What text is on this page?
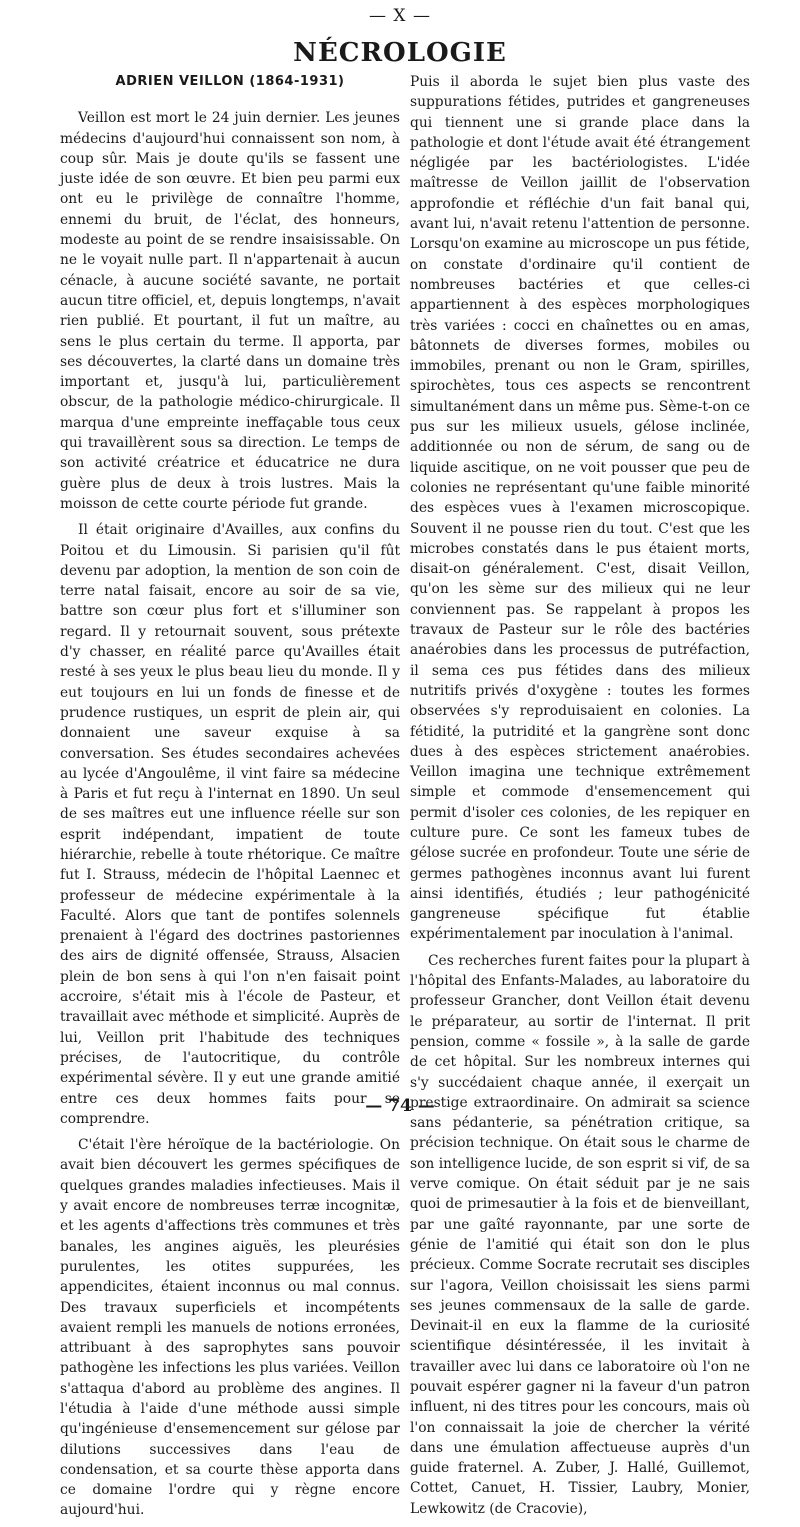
— X —
NÉCROLOGIE
ADRIEN VEILLON (1864-1931)

Veillon est mort le 24 juin dernier. Les jeunes médecins d'aujourd'hui connaissent son nom, à coup sûr. Mais je doute qu'ils se fassent une juste idée de son œuvre. Et bien peu parmi eux ont eu le privilège de connaître l'homme, ennemi du bruit, de l'éclat, des honneurs, modeste au point de se rendre insaisissable. On ne le voyait nulle part. Il n'appartenait à aucun cénacle, à aucune société savante, ne portait aucun titre officiel, et, depuis longtemps, n'avait rien publié. Et pourtant, il fut un maître, au sens le plus certain du terme. Il apporta, par ses découvertes, la clarté dans un domaine très important et, jusqu'à lui, particulièrement obscur, de la pathologie médico-chirurgicale. Il marqua d'une empreinte ineffaçable tous ceux qui travaillèrent sous sa direction. Le temps de son activité créatrice et éducatrice ne dura guère plus de deux à trois lustres. Mais la moisson de cette courte période fut grande.

Il était originaire d'Availles, aux confins du Poitou et du Limousin. Si parisien qu'il fût devenu par adoption, la mention de son coin de terre natal faisait, encore au soir de sa vie, battre son cœur plus fort et s'illuminer son regard. Il y retournait souvent, sous prétexte d'y chasser, en réalité parce qu'Availles était resté à ses yeux le plus beau lieu du monde. Il y eut toujours en lui un fonds de finesse et de prudence rustiques, un esprit de plein air, qui donnaient une saveur exquise à sa conversation. Ses études secondaires achevées au lycée d'Angoulême, il vint faire sa médecine à Paris et fut reçu à l'internat en 1890. Un seul de ses maîtres eut une influence réelle sur son esprit indépendant, impatient de toute hiérarchie, rebelle à toute rhétorique. Ce maître fut I. Strauss, médecin de l'hôpital Laennec et professeur de médecine expérimentale à la Faculté. Alors que tant de pontifes solennels prenaient à l'égard des doctrines pastoriennes des airs de dignité offensée, Strauss, Alsacien plein de bon sens à qui l'on n'en faisait point accroire, s'était mis à l'école de Pasteur, et travaillait avec méthode et simplicité. Auprès de lui, Veillon prit l'habitude des techniques précises, de l'autocritique, du contrôle expérimental sévère. Il y eut une grande amitié entre ces deux hommes faits pour se comprendre.

C'était l'ère héroïque de la bactériologie. On avait bien découvert les germes spécifiques de quelques grandes maladies infectieuses. Mais il y avait encore de nombreuses terræ incognitæ, et les agents d'affections très communes et très banales, les angines aiguës, les pleurésies purulentes, les otites suppurées, les appendicites, étaient inconnus ou mal connus. Des travaux superficiels et incompétents avaient rempli les manuels de notions erronées, attribuant à des saprophytes sans pouvoir pathogène les infections les plus variées. Veillon s'attaqua d'abord au problème des angines. Il l'étudia à l'aide d'une méthode aussi simple qu'ingénieuse d'ensemencement sur gélose par dilutions successives dans l'eau de condensation, et sa courte thèse apporta dans ce domaine l'ordre qui y règne encore aujourd'hui.

Puis il aborda le sujet bien plus vaste des suppurations fétides, putrides et gangreneuses qui tiennent une si grande place dans la pathologie et dont l'étude avait été étrangement négligée par les bactériologistes. L'idée maîtresse de Veillon jaillit de l'observation approfondie et réfléchie d'un fait banal qui, avant lui, n'avait retenu l'attention de personne. Lorsqu'on examine au microscope un pus fétide, on constate d'ordinaire qu'il contient de nombreuses bactéries et que celles-ci appartiennent à des espèces morphologiques très variées : cocci en chaînettes ou en amas, bâtonnets de diverses formes, mobiles ou immobiles, prenant ou non le Gram, spirilles, spirochètes, tous ces aspects se rencontrent simultanément dans un même pus. Sème-t-on ce pus sur les milieux usuels, gélose inclinée, additionnée ou non de sérum, de sang ou de liquide ascitique, on ne voit pousser que peu de colonies ne représentant qu'une faible minorité des espèces vues à l'examen microscopique. Souvent il ne pousse rien du tout. C'est que les microbes constatés dans le pus étaient morts, disait-on généralement. C'est, disait Veillon, qu'on les sème sur des milieux qui ne leur conviennent pas. Se rappelant à propos les travaux de Pasteur sur le rôle des bactéries anaérobies dans les processus de putréfaction, il sema ces pus fétides dans des milieux nutritifs privés d'oxygène : toutes les formes observées s'y reproduisaient en colonies. La fétidité, la putridité et la gangrène sont donc dues à des espèces strictement anaérobies. Veillon imagina une technique extrêmement simple et commode d'ensemencement qui permit d'isoler ces colonies, de les repiquer en culture pure. Ce sont les fameux tubes de gélose sucrée en profondeur. Toute une série de germes pathogènes inconnus avant lui furent ainsi identifiés, étudiés ; leur pathogénicité gangreneuse spécifique fut établie expérimentalement par inoculation à l'animal.

Ces recherches furent faites pour la plupart à l'hôpital des Enfants-Malades, au laboratoire du professeur Grancher, dont Veillon était devenu le préparateur, au sortir de l'internat. Il prit pension, comme « fossile », à la salle de garde de cet hôpital. Sur les nombreux internes qui s'y succédaient chaque année, il exerçait un prestige extraordinaire. On admirait sa science sans pédanterie, sa pénétration critique, sa précision technique. On était sous le charme de son intelligence lucide, de son esprit si vif, de sa verve comique. On était séduit par je ne sais quoi de primesautier à la fois et de bienveillant, par une gaîté rayonnante, par une sorte de génie de l'amitié qui était son don le plus précieux. Comme Socrate recrutait ses disciples sur l'agora, Veillon choisissait les siens parmi ses jeunes commensaux de la salle de garde. Devinait-il en eux la flamme de la curiosité scientifique désintéressée, il les invitait à travailler avec lui dans ce laboratoire où l'on ne pouvait espérer gagner ni la faveur d'un patron influent, ni des titres pour les concours, mais où l'on connaissait la joie de chercher la vérité dans une émulation affectueuse auprès d'un guide fraternel. A. Zuber, J. Hallé, Guillemot, Cottet, Canuet, H. Tissier, Laubry, Monier, Lewkowitz (de Cracovie),

— 74 —
